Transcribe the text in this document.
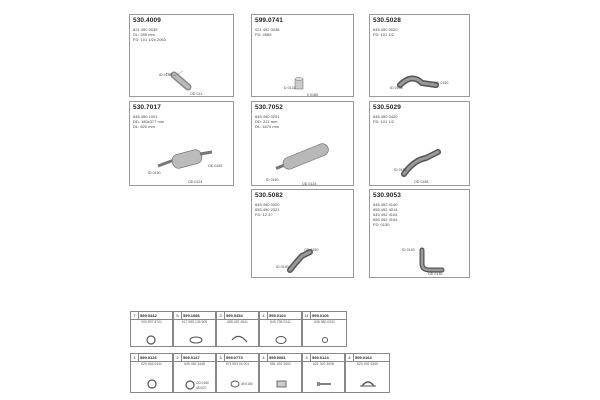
530.4009
821 490 0035
DL: 285 mm
FD: 101 1/2x 2063
ID 0150
OD 013
599.0741
021 492 0038
FD: 4565
D 0132
0 0185
530.5028
645 490 0020
FD: 101 1/2
ID 0158
OD 0150
530.7017
645 490 1001
DD: 180x377 mm
DL: 620 mm
ID 0150
OD 0159
OD 0124
530.7052
645 490 0201
DD: 221 mm
DL: 1670 mm
ID 0160
OD 0124
530.5029
645 490 0420
FD: 101 1/2
ID 0150
OD 0158
530.5082
645 490 0020
655 490 2321
FD: 12 3?
OD 0150
ID 0140
530.9053
545 492 4140
655 492 4014
545 492 4104
655 492 4104
FD: 0130
ID 0140
OD 0130
7	599.0442
000 997 8741
5	599.1086
017 995 126 509
3	599.9454
655 492 4941
4	599.0104
645 795 0241
11 599.0106
636 980 0231
1	599.0126
620 463 0441
2	599.0147
645 452 3448
OD 0150
45 0G?
3	599.0773
671 593 04 001
45 0150
4	599.0081
681 492 3002
3	599.0124
621 302 3008
4	599.0164
623 492 0340
